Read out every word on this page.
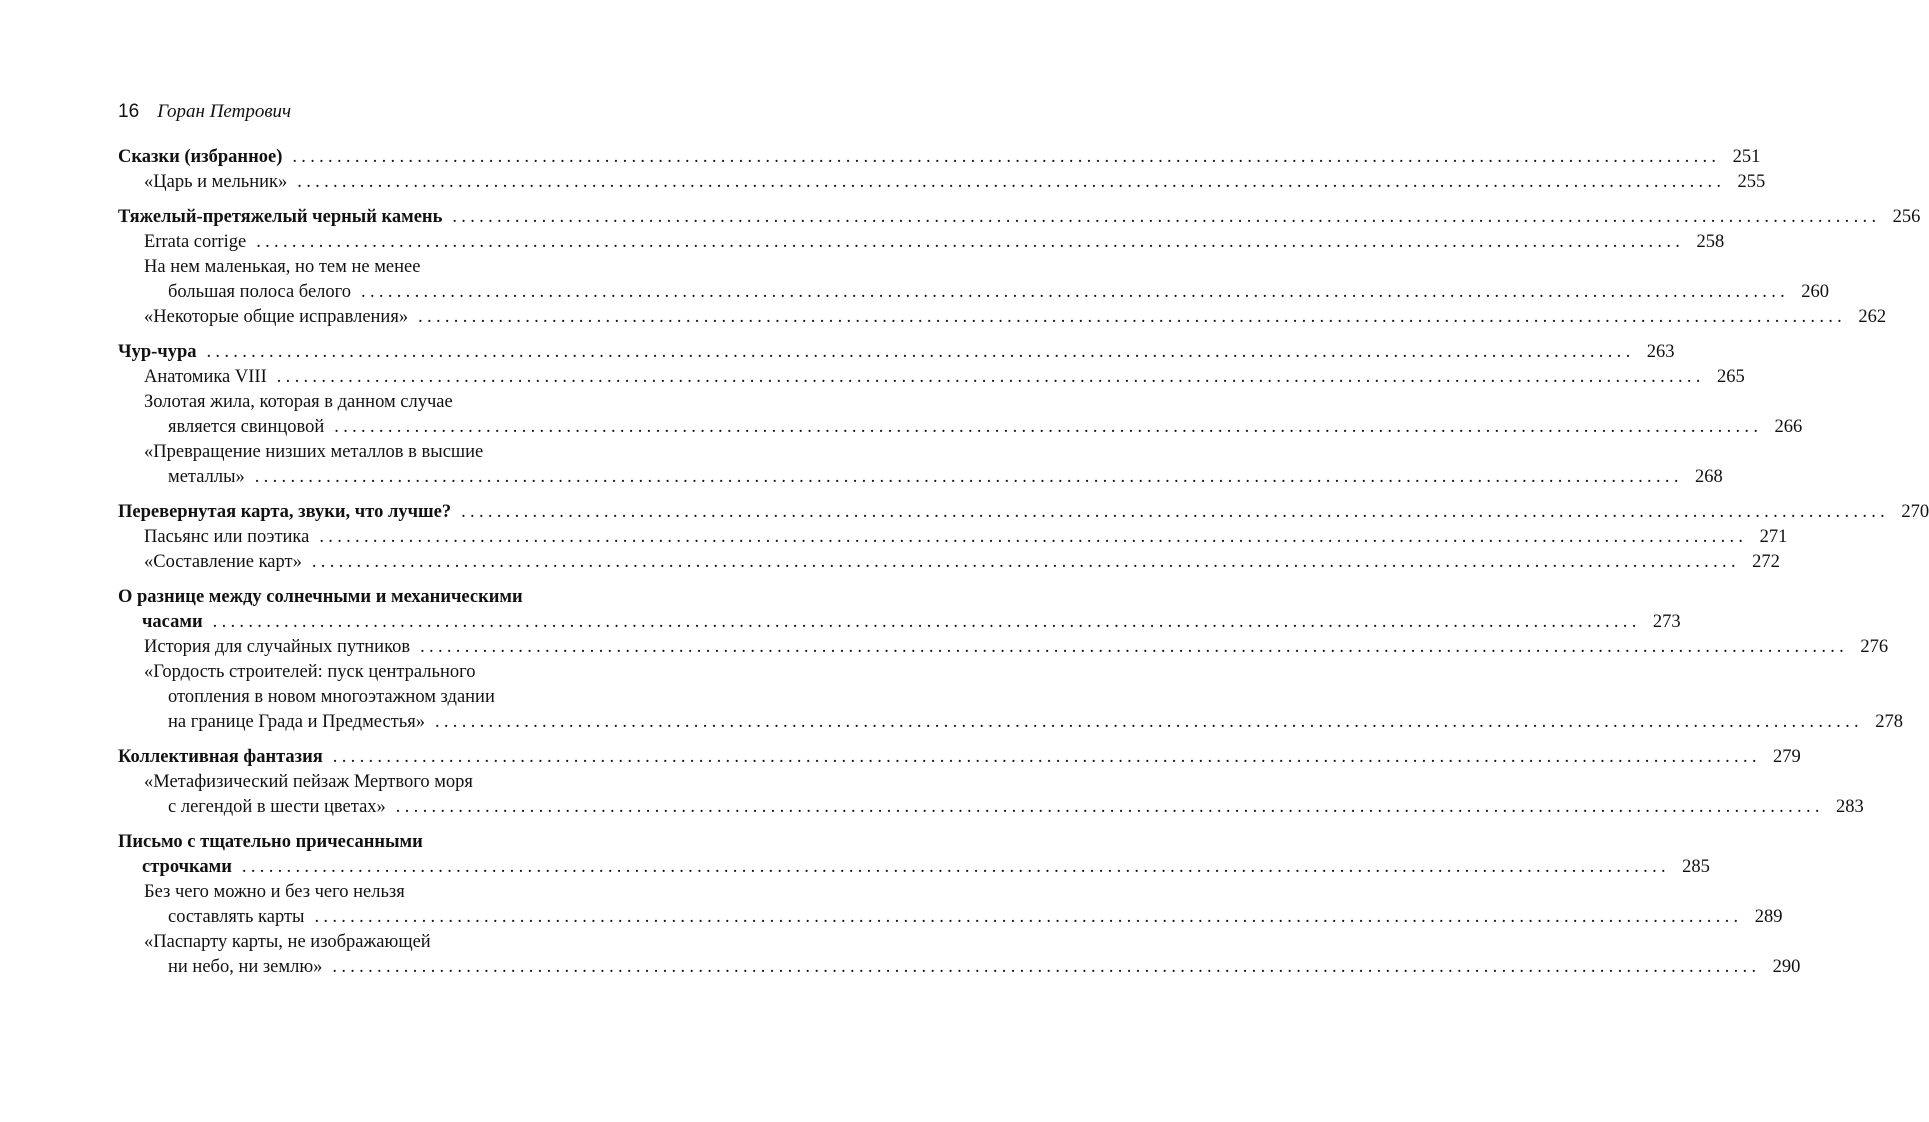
16 Горан Петрович
Сказки (избранное) ................................................................................................................................................................ 251
«Царь и мельник» ................................................................................................................................................................ 255
Тяжелый-претяжелый черный камень ................................................................................................................................................................ 256
Errata corrige ................................................................................................................................................................ 258
На нем маленькая, но тем не менее
большая полоса белого ................................................................................................................................................................ 260
«Некоторые общие исправления» ................................................................................................................................................................ 262
Чур-чура ................................................................................................................................................................ 263
Анатомика VIII ................................................................................................................................................................ 265
Золотая жила, которая в данном случае
является свинцовой ................................................................................................................................................................ 266
«Превращение низших металлов в высшие
металлы» ................................................................................................................................................................ 268
Перевернутая карта, звуки, что лучше? ................................................................................................................................................................ 270
Пасьянс или поэтика ................................................................................................................................................................ 271
«Составление карт» ................................................................................................................................................................ 272
О разнице между солнечными и механическими
часами ................................................................................................................................................................ 273
История для случайных путников ................................................................................................................................................................ 276
«Гордость строителей: пуск центрального
отопления в новом многоэтажном здании
на границе Града и Предместья» ................................................................................................................................................................ 278
Коллективная фантазия ................................................................................................................................................................ 279
«Метафизический пейзаж Мертвого моря
с легендой в шести цветах» ................................................................................................................................................................ 283
Письмо с тщательно причесанными
строчками ................................................................................................................................................................ 285
Без чего можно и без чего нельзя
составлять карты ................................................................................................................................................................ 289
«Паспарту карты, не изображающей
ни небо, ни землю» ................................................................................................................................................................ 290
